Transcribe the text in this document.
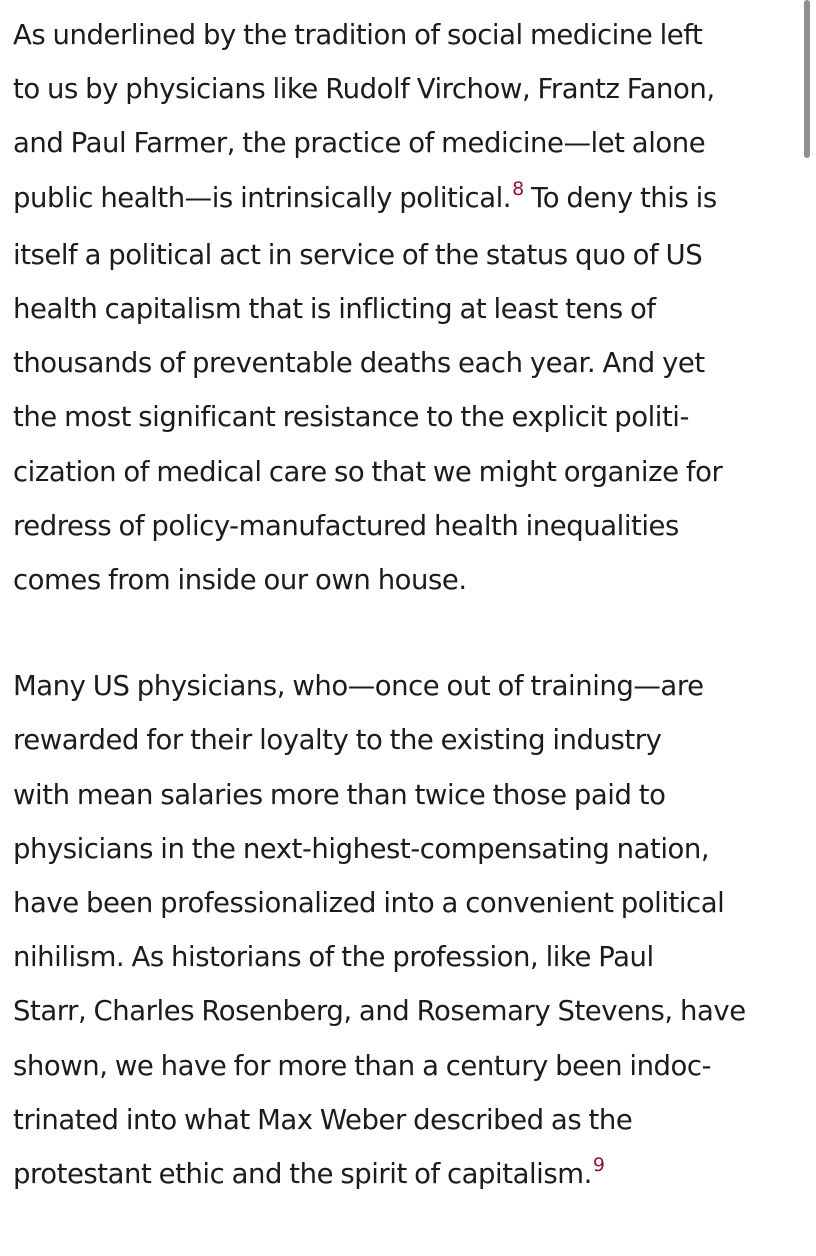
As underlined by the tradition of social medicine left
to us by physicians like Rudolf Virchow, Frantz Fanon,
and Paul Farmer, the practice of medicine—let alone
public health—is intrinsically political.$^8$ To deny this is
itself a political act in service of the status quo of US
health capitalism that is inflicting at least tens of
thousands of preventable deaths each year. And yet
the most significant resistance to the explicit politi-
cization of medical care so that we might organize for
redress of policy-manufactured health inequalities
comes from inside our own house.

Many US physicians, who—once out of training—are
rewarded for their loyalty to the existing industry
with mean salaries more than twice those paid to
physicians in the next-highest-compensating nation,
have been professionalized into a convenient political
nihilism. As historians of the profession, like Paul
Starr, Charles Rosenberg, and Rosemary Stevens, have
shown, we have for more than a century been indoc-
trinated into what Max Weber described as the
protestant ethic and the spirit of capitalism.$^9$
